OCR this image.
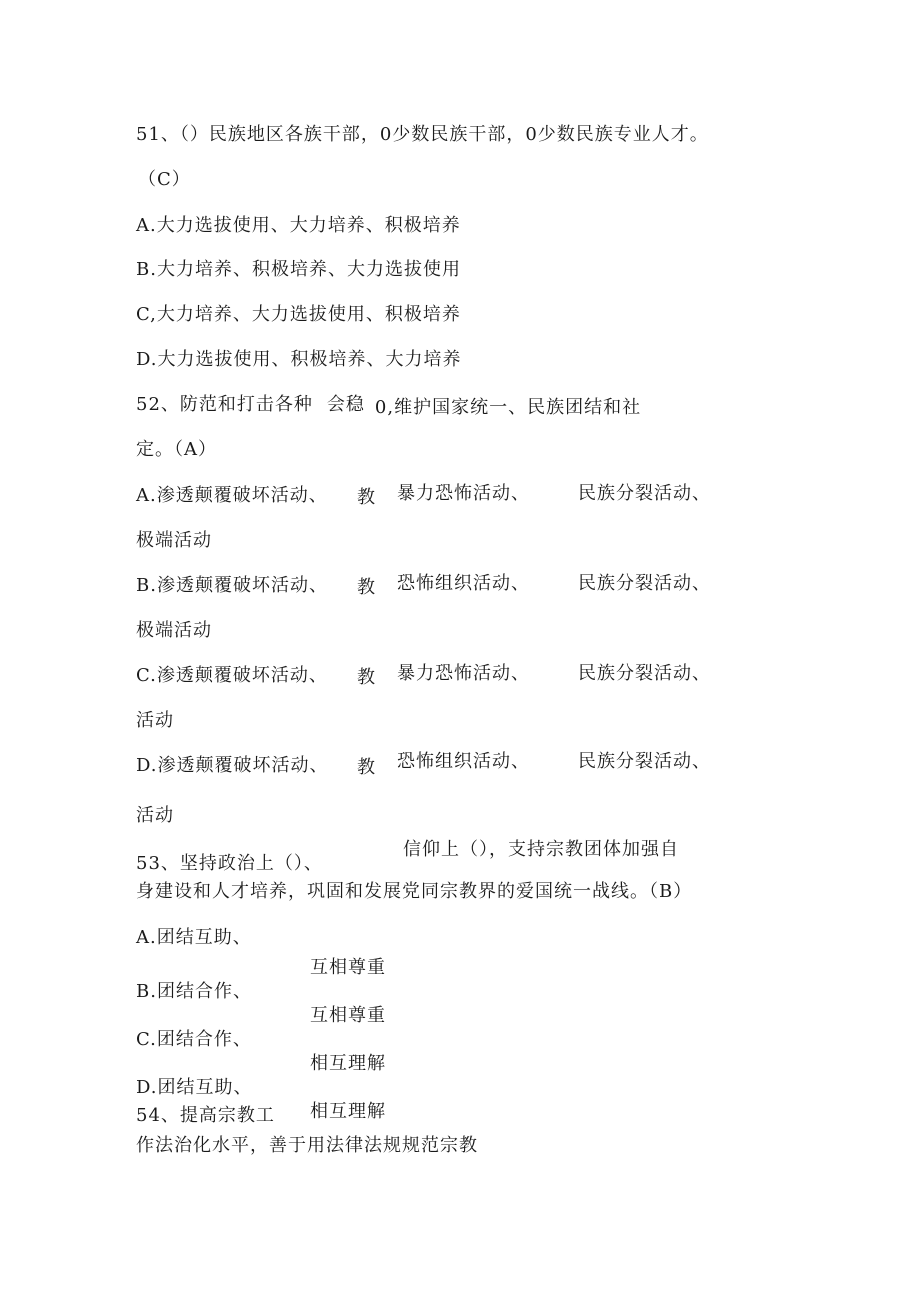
51、（）民族地区各族干部，0少数民族干部，0少数民族专业人才。
（C）
A.大力选拔使用、大力培养、积极培养
B.大力培养、积极培养、大力选拔使用
C,大力培养、大力选拔使用、积极培养
D.大力选拔使用、积极培养、大力培养
52、防范和打击各种 会稳 0,维护国家统一、民族团结和社
定。（A）
A.渗透颠覆破坏活动、 教 暴力恐怖活动、	民族分裂活动、
极端活动
B.渗透颠覆破坏活动、 教 恐怖组织活动、	民族分裂活动、
极端活动
C.渗透颠覆破坏活动、 教 暴力恐怖活动、	民族分裂活动、
活动
D.渗透颠覆破坏活动、 教 恐怖组织活动、	民族分裂活动、
活动
53、坚持政治上（）、
信仰上（），支持宗教团体加强自
身建设和人才培养，巩固和发展党同宗教界的爱国统一战线。（B）
A.团结互助、
互相尊重
B.团结合作、
互相尊重
C.团结合作、
相互理解
D.团结互助、
相互理解
54、提高宗教工
作法治化水平，善于用法律法规规范宗教
